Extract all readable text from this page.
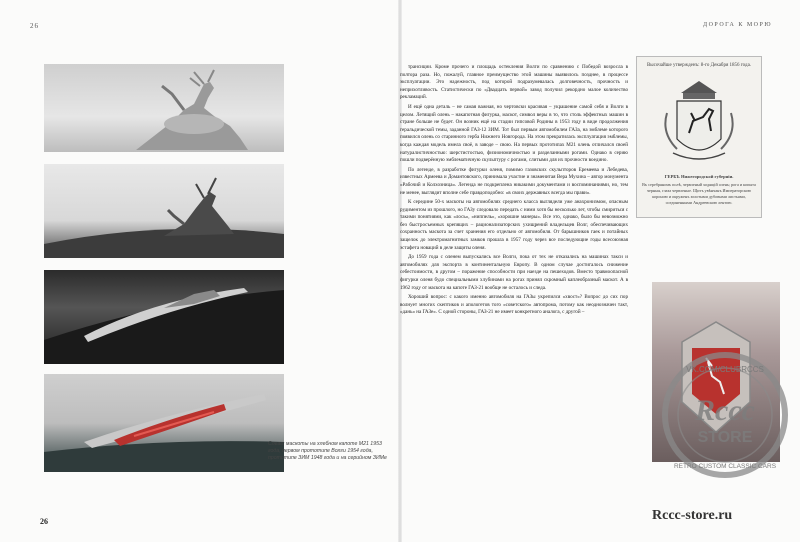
26	ДОРОГА К МОРЮ
Слева: маскоты на хлебном капоте М21 1953 года, первом прототипе Волги 1954 года, прототипе ЗИМ 1948 года и на серийном ЗИМе
26

трансиции. Кроме прочего и площадь остекления Волги по сравнению с Победой возросла в полтора раза. Но, пожалуй, главное преимущество этой машины выявилось позднее, в процессе эксплуатации. Это надежность, под которой подразумевалась долговечность, прочность и неприхотливость. Статистически по «Двадцать первой» завод получил рекордно малое количество рекламаций.

И ещё одна деталь – не самая важная, но чертовски красивая – украшение самой себя и Волги в целом. Летящий олень – накапотная фигурка, маскот, символ веры в то, что столь эффектных машин в стране больше не будет. Он возник ещё на стадии гипсовой Родины в 1953 году в виде продолжения геральдической темы, заданной ГАЗ-12 ЗИМ. Тот был первым автомобилем ГАЗа, на эмблеме которого появился олень со старинного герба Нижнего Новгорода. На этом прекратилась эксплуатация эмблемы, когда каждая модель имела своё, в заводе – свою. На первых прототипах М21 олень отличался своей натуралистичностью: шерстистостью, физиономичностью и разделанными рогами. Однако в серию пошли подверённую эмблематичную скульптуру с рогами, слитыми для их прочности воедино.

По легенде, в разработке фигурки оленя, помимо газовских скульпторов Еремеева и Лебедева, известных Армеева и Домантовского, принимала участие и знаменитая Вера Мухина – автор монумента «Рабочий и Колхозница». Легенда не подкреплена никакими документами и воспоминаниями, но, тем не менее, выглядит вполне себе правдоподобно: «в своих державных всегда мы прави».

К середине 50-х маскоты на автомобилях среднего класса выглядели уже анахронизмом, опасным рудиментом из прошлого, но ГАЗу следовало передать с ними хотя бы несколько лет, чтобы смириться с такими понятиями, как «лось», «ниппель», «хорошие манеры». Все это, однако, было бы невозможно без быстросъемных крепящих – рационализаторских ухищрений владельцев Волг, обеспечивающих сохранность маскота за счет хранения его отдельно от автомобиля. От барышников гаек и потайных защелок до электромагнитных замков прошла в 1957 году через все последующие годы всесоюзная эстафета новаций в деле защиты оленя.

До 1959 года с оленем выпускались все Волги, пока от тех не отказались на машинах такси и автомобилях для экспорта в континентальную Европу. В одном случае достигалось снижение себестоимости, в другом – поражение способности при наезде на пешеходов. Вместо травмоопасной фигурки оленя будо специальными хлубинами на рогах принял скромный каплеобразный маскот. А в 1962 году от маскота на капоте ГАЗ-21 вообще не осталось и следа.

Хороший вопрос: с какого именно автомобиля на ГАЗы укрепился «хвост»? Вопрос до сих пор волнует многих скептиков и апологетов того «советского» автопрома, потому как неоднозначен такт, «дань» на ГАЗе». С одной стороны, ГАЗ-21 не имеет конкретного аналога, с другой –

Высочайше утвержденъ: 8-го Декабря 1856 года.
ГЕРБЪ Нижегородской губернiи.
Въ серебряномъ полѣ, червленый ходящiй олень; рога и копыта черныя, глаза червленые. Щитъ увѣнчанъ Императорскою короною и окруженъ золотыми дубовыми листьями, соединенными Андреевскою лентою.
VK.COM/CLUBRCCS
Rccc
STORE
RETRO CUSTOM CLASSIC CARS
Rccc-store.ru
